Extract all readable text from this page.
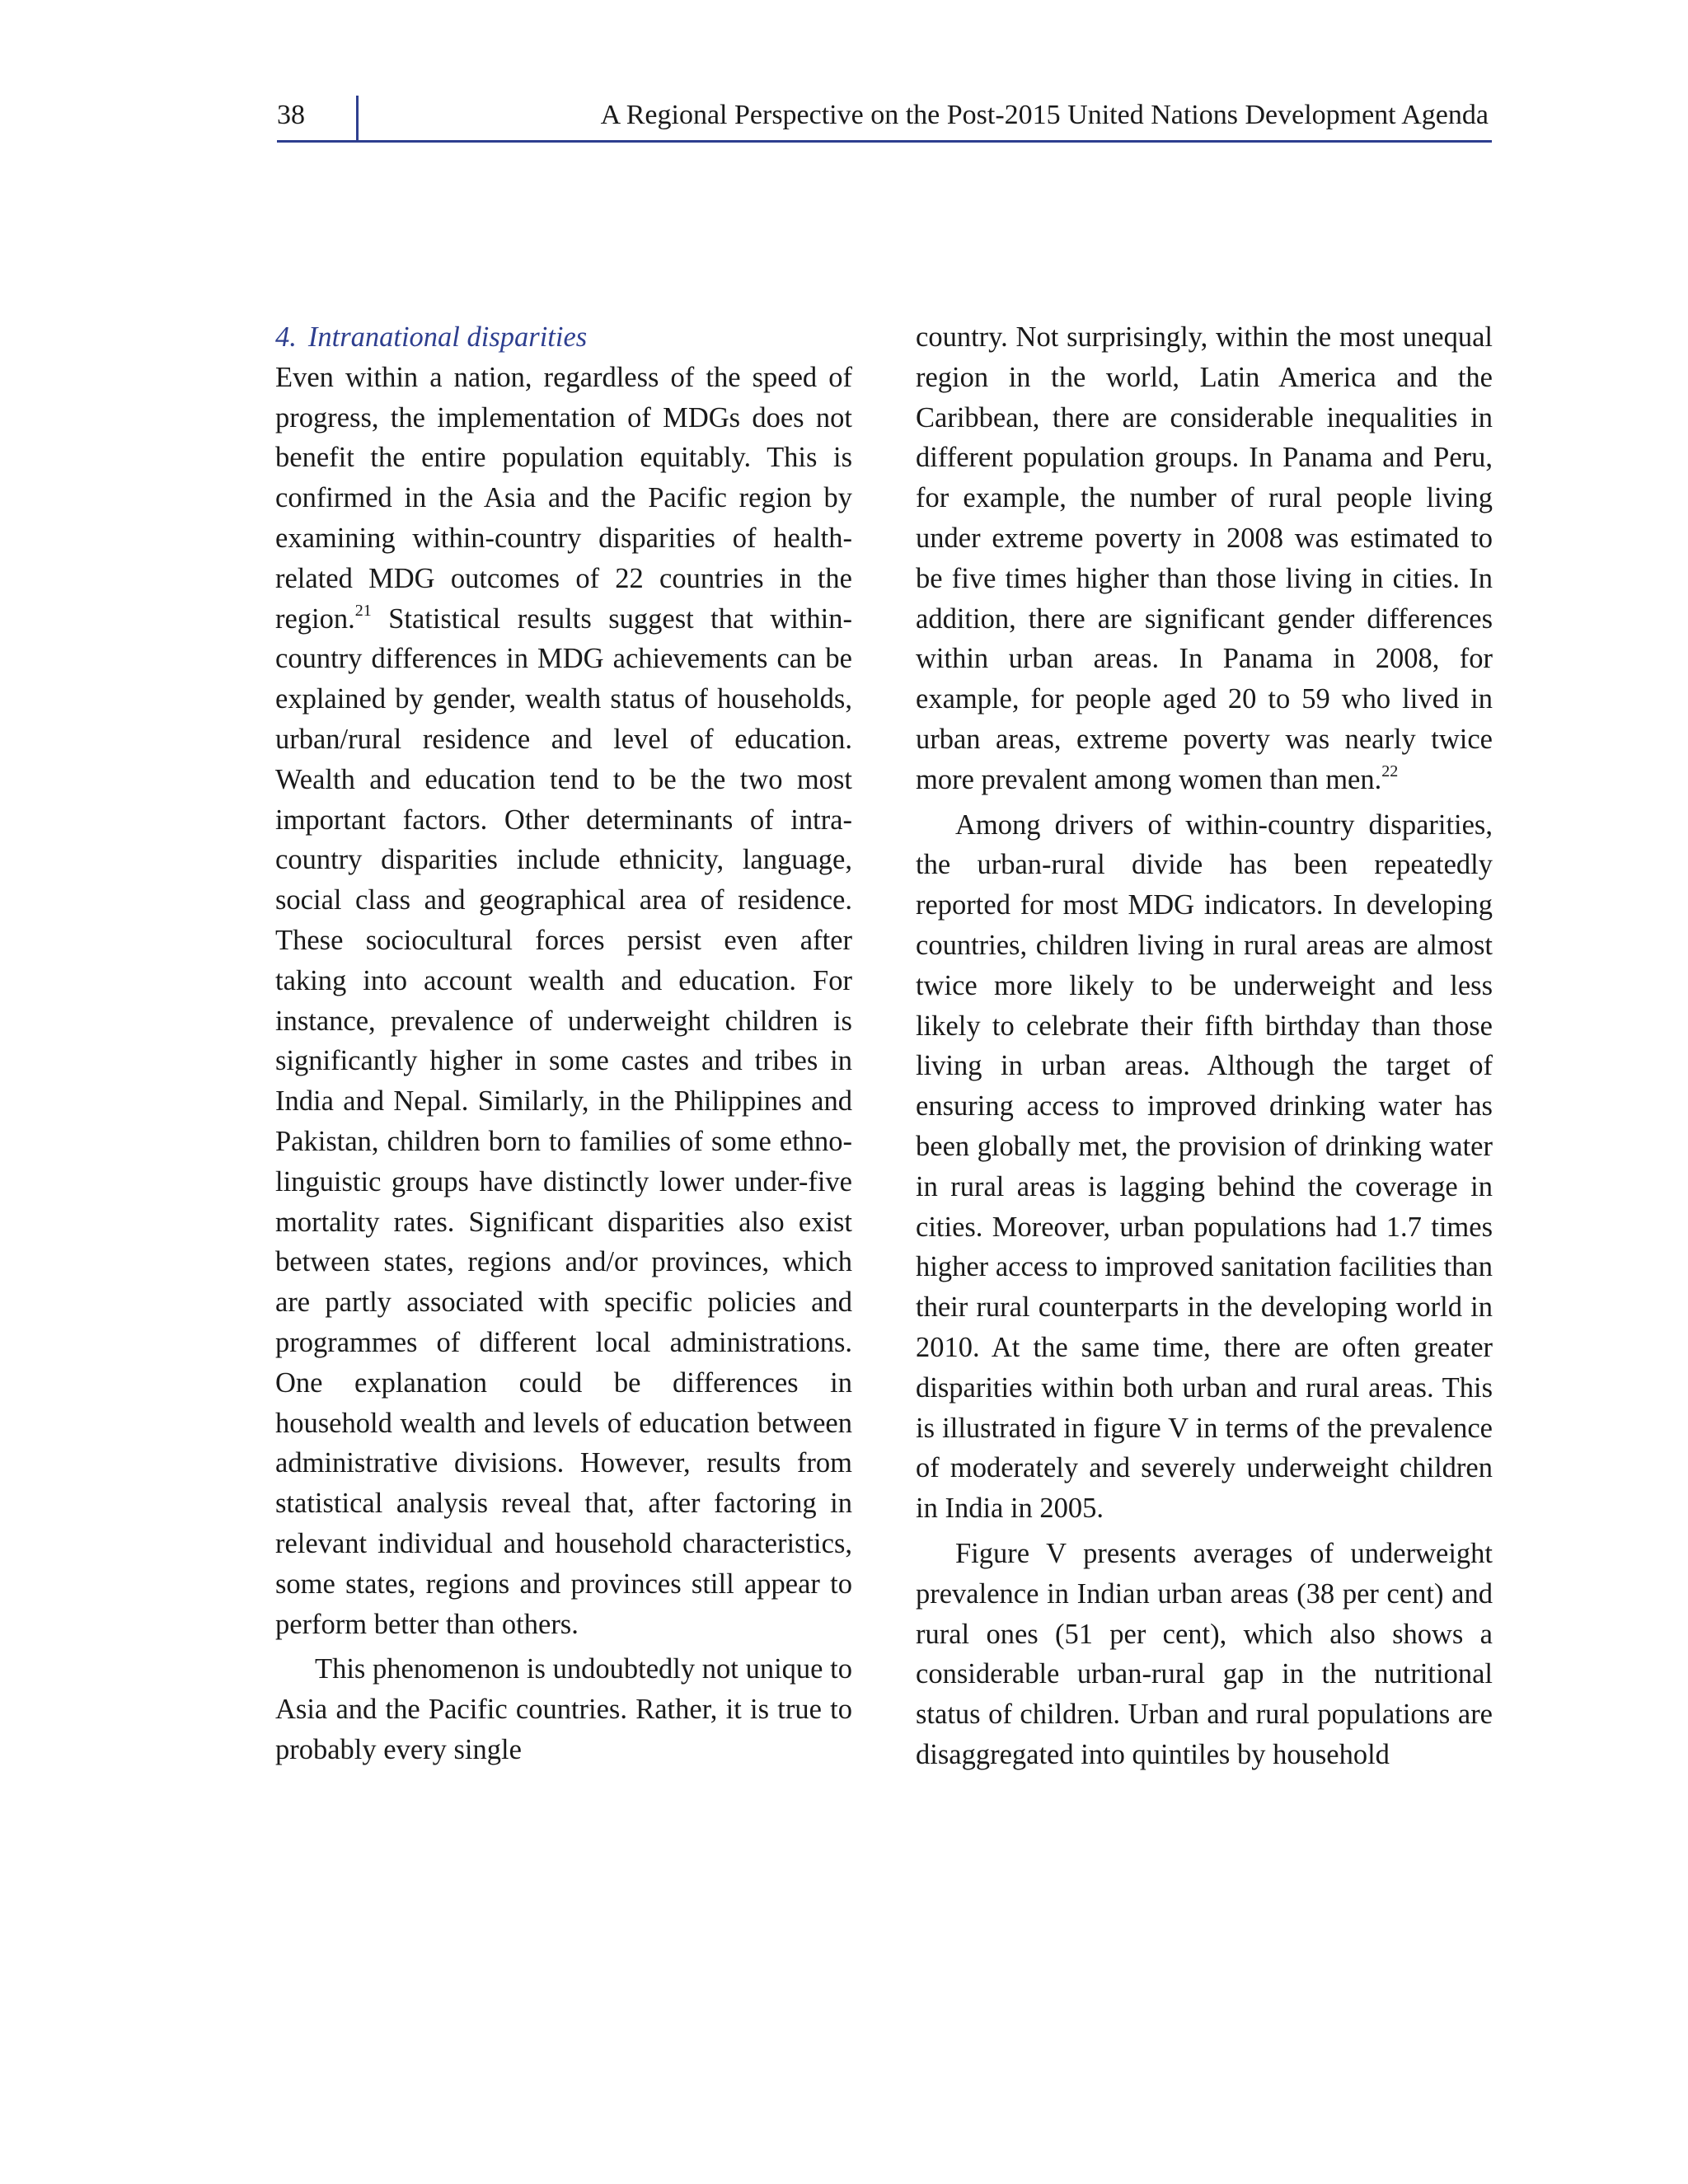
38	A Regional Perspective on the Post-2015 United Nations Development Agenda
4. Intranational disparities

Even within a nation, regardless of the speed of progress, the implementation of MDGs does not benefit the entire population equitably. This is confirmed in the Asia and the Pacific region by examining within-country disparities of health-related MDG outcomes of 22 countries in the region.$^{21}$ Statistical results suggest that within-country differences in MDG achievements can be explained by gender, wealth status of households, urban/rural residence and level of education. Wealth and education tend to be the two most important factors. Other determinants of intra-country disparities include ethnicity, language, social class and geographical area of residence. These sociocultural forces persist even after taking into account wealth and education. For instance, prevalence of underweight children is significantly higher in some castes and tribes in India and Nepal. Similarly, in the Philippines and Pakistan, children born to families of some ethno-linguistic groups have distinctly lower under-five mortality rates. Significant disparities also exist between states, regions and/or provinces, which are partly associated with specific policies and programmes of different local administrations. One explanation could be differences in household wealth and levels of education between administrative divisions. However, results from statistical analysis reveal that, after factoring in relevant individual and household characteristics, some states, regions and provinces still appear to perform better than others.

This phenomenon is undoubtedly not unique to Asia and the Pacific countries. Rather, it is true to probably every single

country. Not surprisingly, within the most unequal region in the world, Latin America and the Caribbean, there are considerable inequalities in different population groups. In Panama and Peru, for example, the number of rural people living under extreme poverty in 2008 was estimated to be five times higher than those living in cities. In addition, there are significant gender differences within urban areas. In Panama in 2008, for example, for people aged 20 to 59 who lived in urban areas, extreme poverty was nearly twice more prevalent among women than men.$^{22}$

Among drivers of within-country disparities, the urban-rural divide has been repeatedly reported for most MDG indicators. In developing countries, children living in rural areas are almost twice more likely to be underweight and less likely to celebrate their fifth birthday than those living in urban areas. Although the target of ensuring access to improved drinking water has been globally met, the provision of drinking water in rural areas is lagging behind the coverage in cities. Moreover, urban populations had 1.7 times higher access to improved sanitation facilities than their rural counterparts in the developing world in 2010. At the same time, there are often greater disparities within both urban and rural areas. This is illustrated in figure V in terms of the prevalence of moderately and severely underweight children in India in 2005.

Figure V presents averages of underweight prevalence in Indian urban areas (38 per cent) and rural ones (51 per cent), which also shows a considerable urban-rural gap in the nutritional status of children. Urban and rural populations are disaggregated into quintiles by household
